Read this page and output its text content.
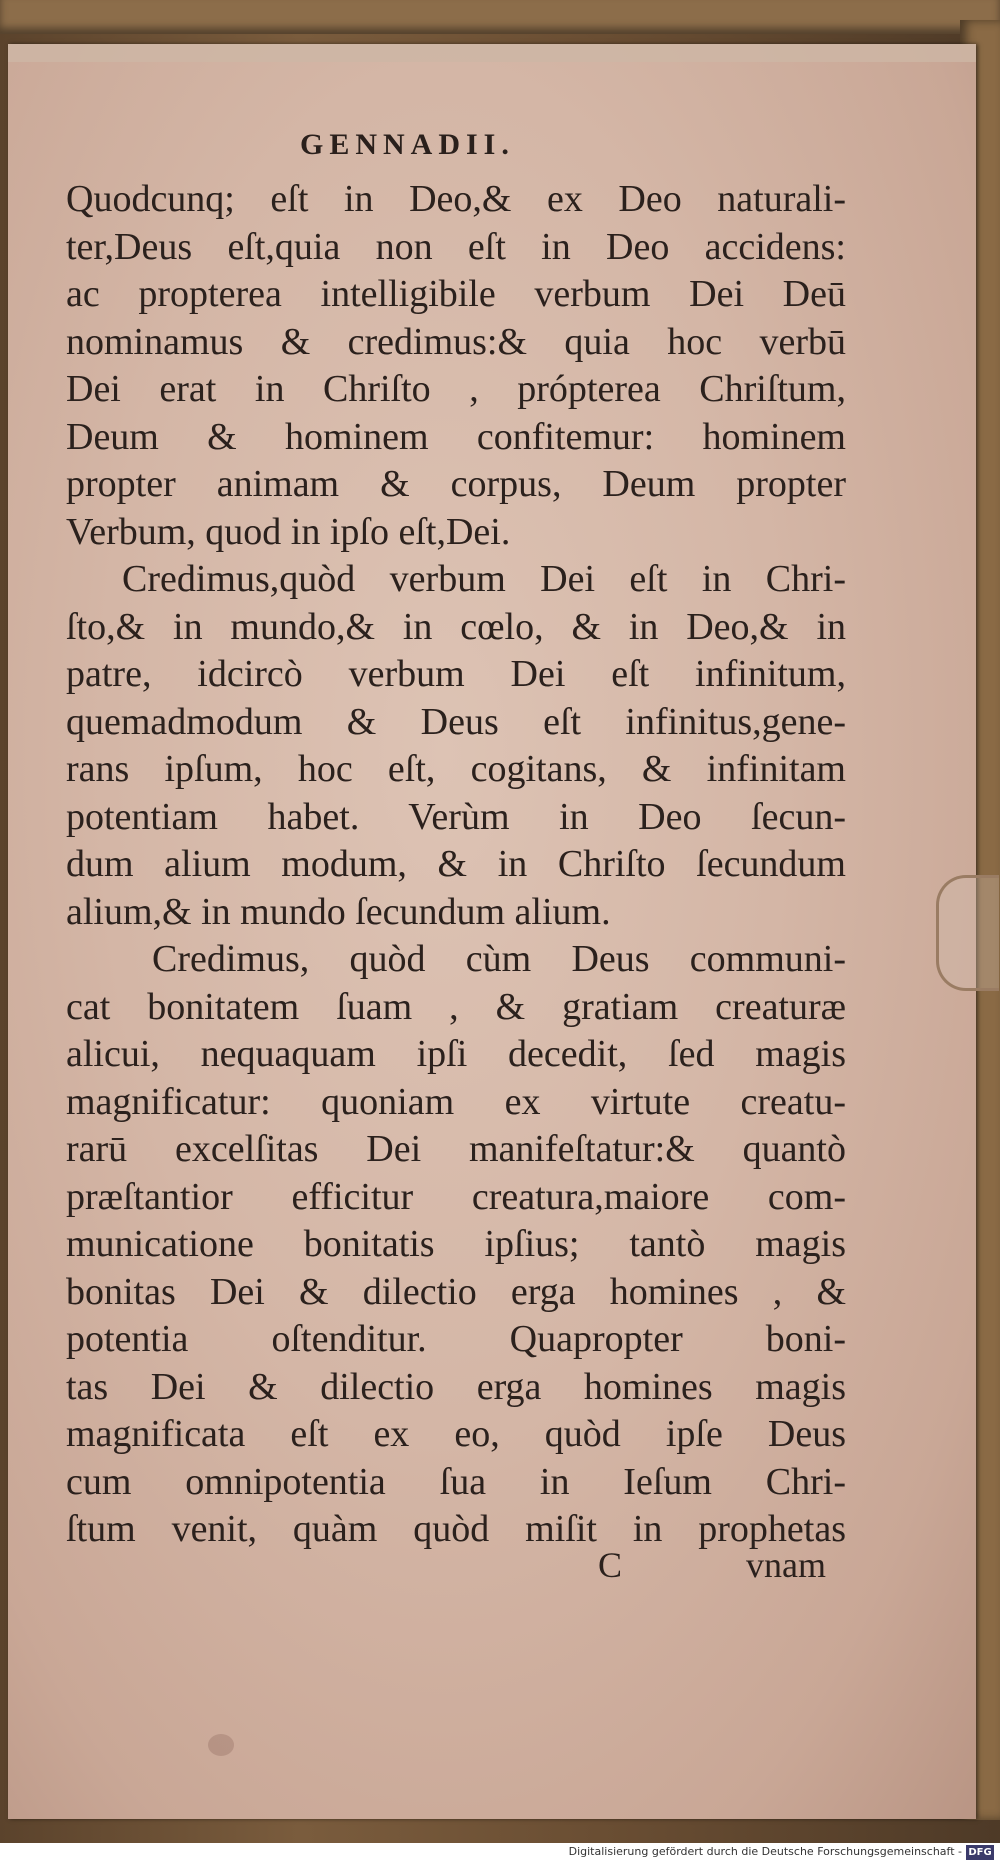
GENNADII.
Quodcunq; eſt in Deo,& ex Deo naturali-
ter,Deus eſt,quia non eſt in Deo accidens:
ac propterea intelligibile verbum Dei Deū
nominamus & credimus:& quia hoc verbū
Dei erat in Chriſto , própterea Chriſtum,
Deum & hominem confitemur: hominem
propter animam & corpus, Deum propter
Verbum, quod in ipſo eſt,Dei.
Credimus,quòd verbum Dei eſt in Chri-
ſto,& in mundo,& in cœlo, & in Deo,& in
patre, idcircò verbum Dei eſt infinitum,
quemadmodum & Deus eſt infinitus,gene-
rans ipſum, hoc eſt, cogitans, & infinitam
potentiam habet. Verùm in Deo ſecun-
dum alium modum, & in Chriſto ſecundum
alium,& in mundo ſecundum alium.
Credimus, quòd cùm Deus communi-
cat bonitatem ſuam , & gratiam creaturæ
alicui, nequaquam ipſi decedit, ſed magis
magnificatur: quoniam ex virtute creatu-
rarū excelſitas Dei manifeſtatur:& quantò
præſtantior efficitur creatura,maiore com-
municatione bonitatis ipſius; tantò magis
bonitas Dei & dilectio erga homines , &
potentia oſtenditur. Quapropter boni-
tas Dei & dilectio erga homines magis
magnificata eſt ex eo, quòd ipſe Deus
cum omnipotentia ſua in Ieſum Chri-
ſtum venit, quàm quòd miſit in prophetas
C	vnam
Digitalisierung gefördert durch die Deutsche Forschungsgemeinschaft - DFG
